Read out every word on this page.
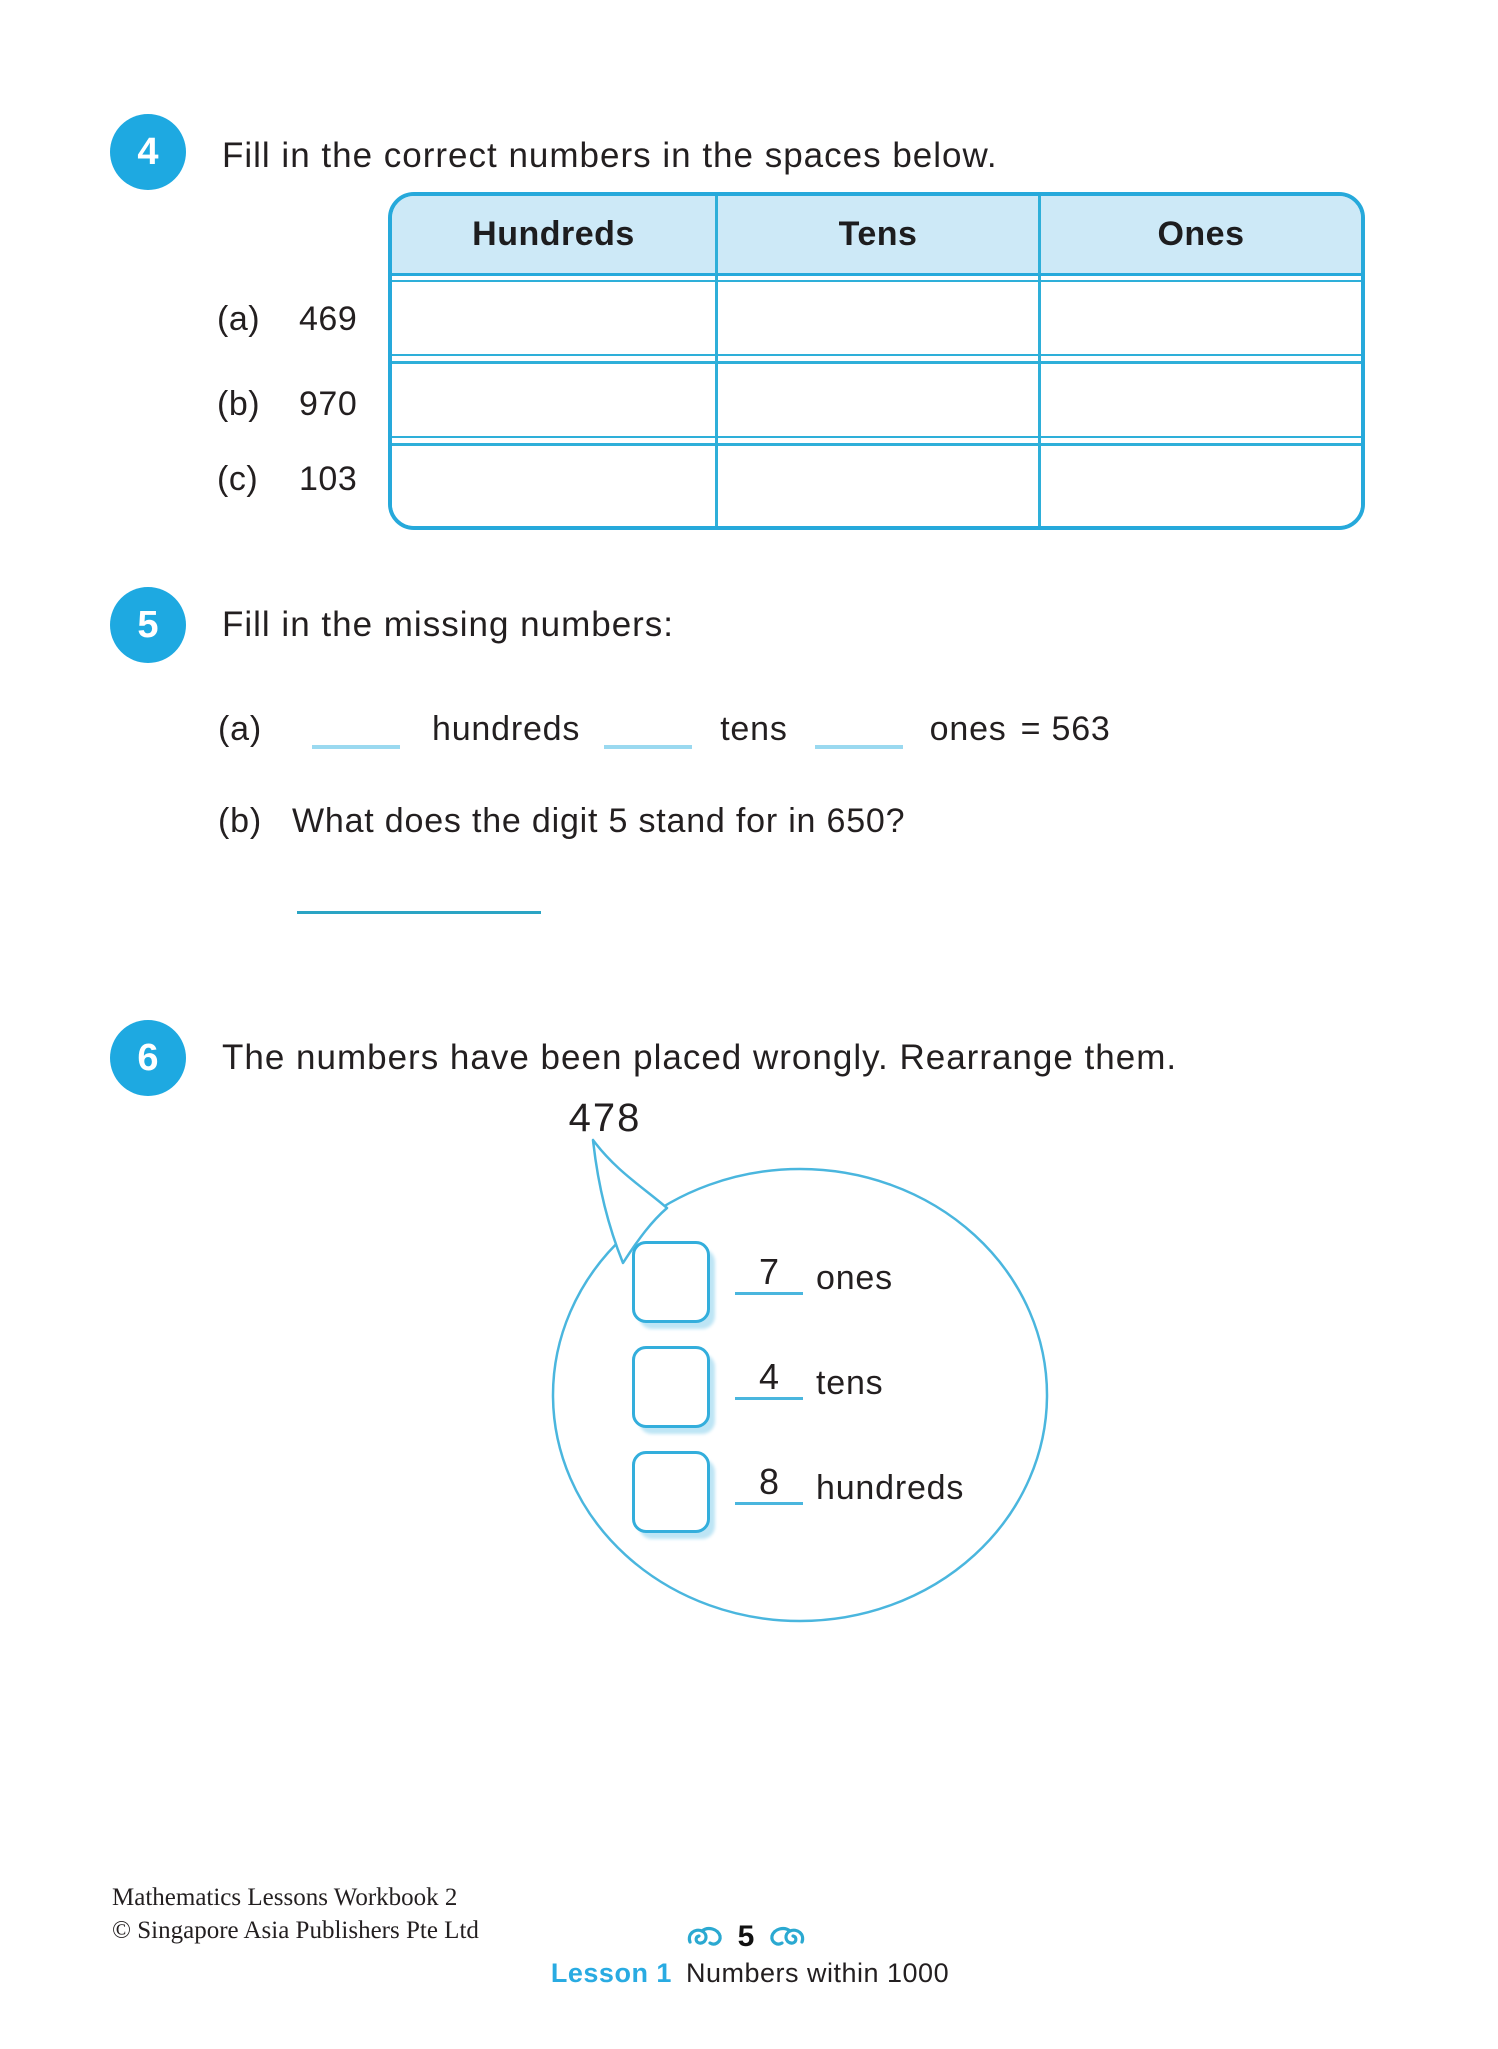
4 Fill in the correct numbers in the spaces below.
Hundreds	Tens	Ones
(a) 469
(b) 970
(c)	103
5 Fill in the missing numbers:
(a)	hundreds	tens	ones = 563
(b) What does the digit 5 stand for in 650?
6 The numbers have been placed wrongly. Rearrange them.
478
7	ones
4	tens
8	hundreds
Mathematics Lessons Workbook 2
© Singapore Asia Publishers Pte Ltd	5
Lesson 1 Numbers within 1000
